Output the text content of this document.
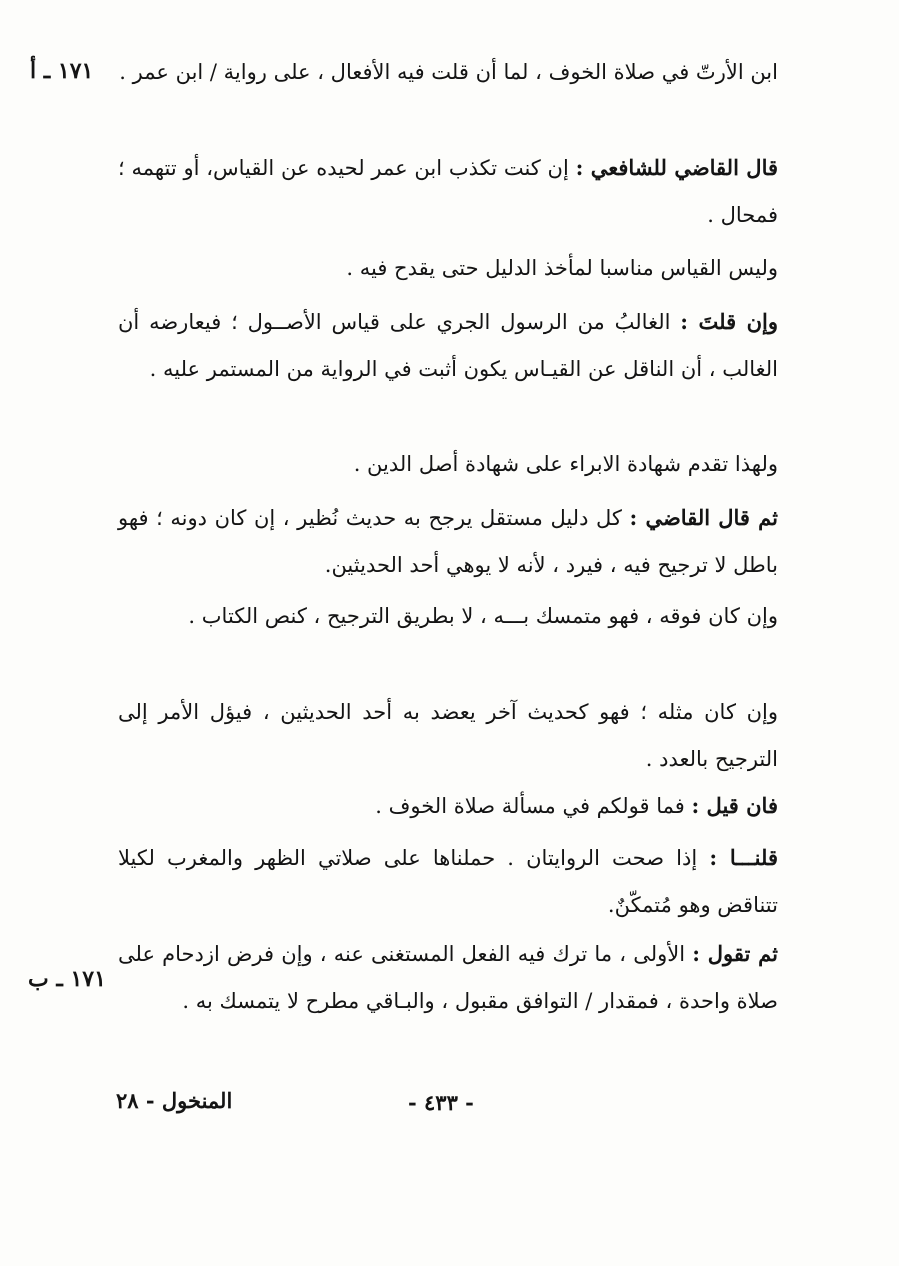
١٧١ ـ أ
١٧١ ـ ب

ابن الأرتّ في صلاة الخوف ، لما أن قلت فيه الأفعال ، على رواية / ابن عمر .

قال القاضي للشافعي : إن كنت تكذب ابن عمر لحيده عن القياس، أو تتهمه ؛ فمحال .

وليس القياس مناسبا لمأخذ الدليل حتى يقدح فيه .

وإن قلتَ : الغالبُ من الرسول الجري على قياس الأصــول ؛ فيعارضه أن الغالب ، أن الناقل عن القيـاس يكون أثبت في الرواية من المستمر عليه .

ولهذا تقدم شهادة الابراء على شهادة أصل الدين .

ثم قال القاضي : كل دليل مستقل يرجح به حديث نُظير ، إن كان دونه ؛ فهو باطل لا ترجيح فيه ، فيرد ، لأنه لا يوهي أحد الحديثين.

وإن كان فوقه ، فهو متمسك بـــه ، لا بطريق الترجيح ، كنص الكتاب .

وإن كان مثله ؛ فهو كحديث آخر يعضد به أحد الحديثين ، فيؤل الأمر إلى الترجيح بالعدد .

فان قيل : فما قولكم في مسألة صلاة الخوف .

قلنـــا : إذا صحت الروايتان . حملناها على صلاتي الظهر والمغرب لكيلا تتناقض وهو مُتمكّنٌ.

ثم تقول : الأولى ، ما ترك فيه الفعل المستغنى عنه ، وإن فرض ازدحام على صلاة واحدة ، فمقدار / التوافق مقبول ، والبـاقي مطرح لا يتمسك به .

- ٤٣٣ -
المنخول - ٢٨
